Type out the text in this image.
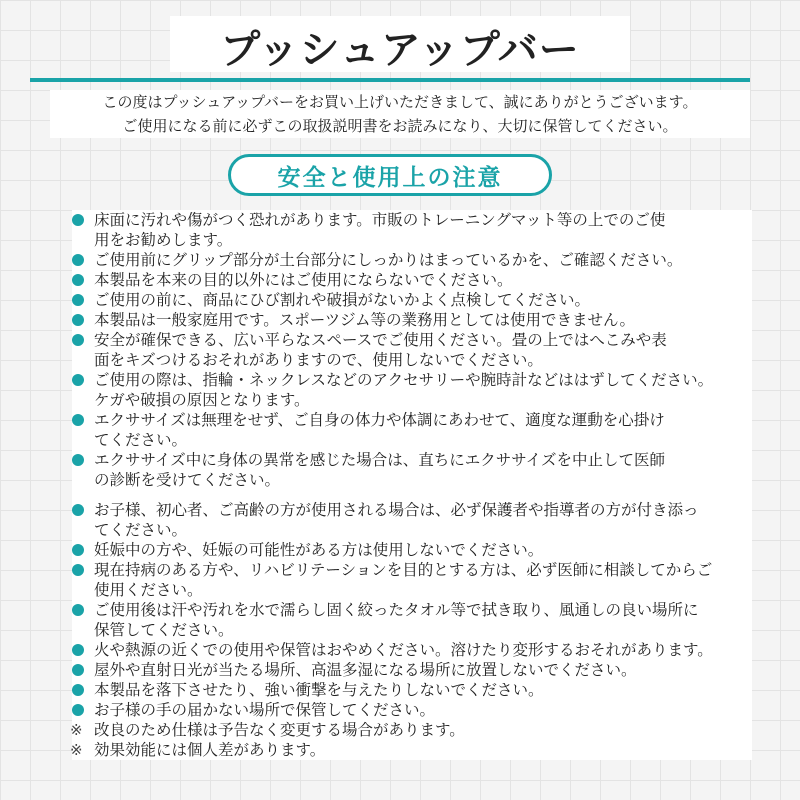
プッシュアップバー
この度はプッシュアップバーをお買い上げいただきまして、誠にありがとうございます。
ご使用になる前に必ずこの取扱説明書をお読みになり、大切に保管してください。
安全と使用上の注意
床面に汚れや傷がつく恐れがあります。市販のトレーニングマット等の上でのご使
用をお勧めします。
ご使用前にグリップ部分が土台部分にしっかりはまっているかを、ご確認ください。
本製品を本来の目的以外にはご使用にならないでください。
ご使用の前に、商品にひび割れや破損がないかよく点検してください。
本製品は一般家庭用です。スポーツジム等の業務用としては使用できません。
安全が確保できる、広い平らなスペースでご使用ください。畳の上ではへこみや表
面をキズつけるおそれがありますので、使用しないでください。
ご使用の際は、指輪・ネックレスなどのアクセサリーや腕時計などははずしてください。
ケガや破損の原因となります。
エクササイズは無理をせず、ご自身の体力や体調にあわせて、適度な運動を心掛け
てください。
エクササイズ中に身体の異常を感じた場合は、直ちにエクササイズを中止して医師
の診断を受けてください。
お子様、初心者、ご高齢の方が使用される場合は、必ず保護者や指導者の方が付き添っ
てください。
妊娠中の方や、妊娠の可能性がある方は使用しないでください。
現在持病のある方や、リハビリテーションを目的とする方は、必ず医師に相談してからご
使用ください。
ご使用後は汗や汚れを水で濡らし固く絞ったタオル等で拭き取り、風通しの良い場所に
保管してください。
火や熱源の近くでの使用や保管はおやめください。溶けたり変形するおそれがあります。
屋外や直射日光が当たる場所、高温多湿になる場所に放置しないでください。
本製品を落下させたり、強い衝撃を与えたりしないでください。
お子様の手の届かない場所で保管してください。
※ 改良のため仕様は予告なく変更する場合があります。
※ 効果効能には個人差があります。
